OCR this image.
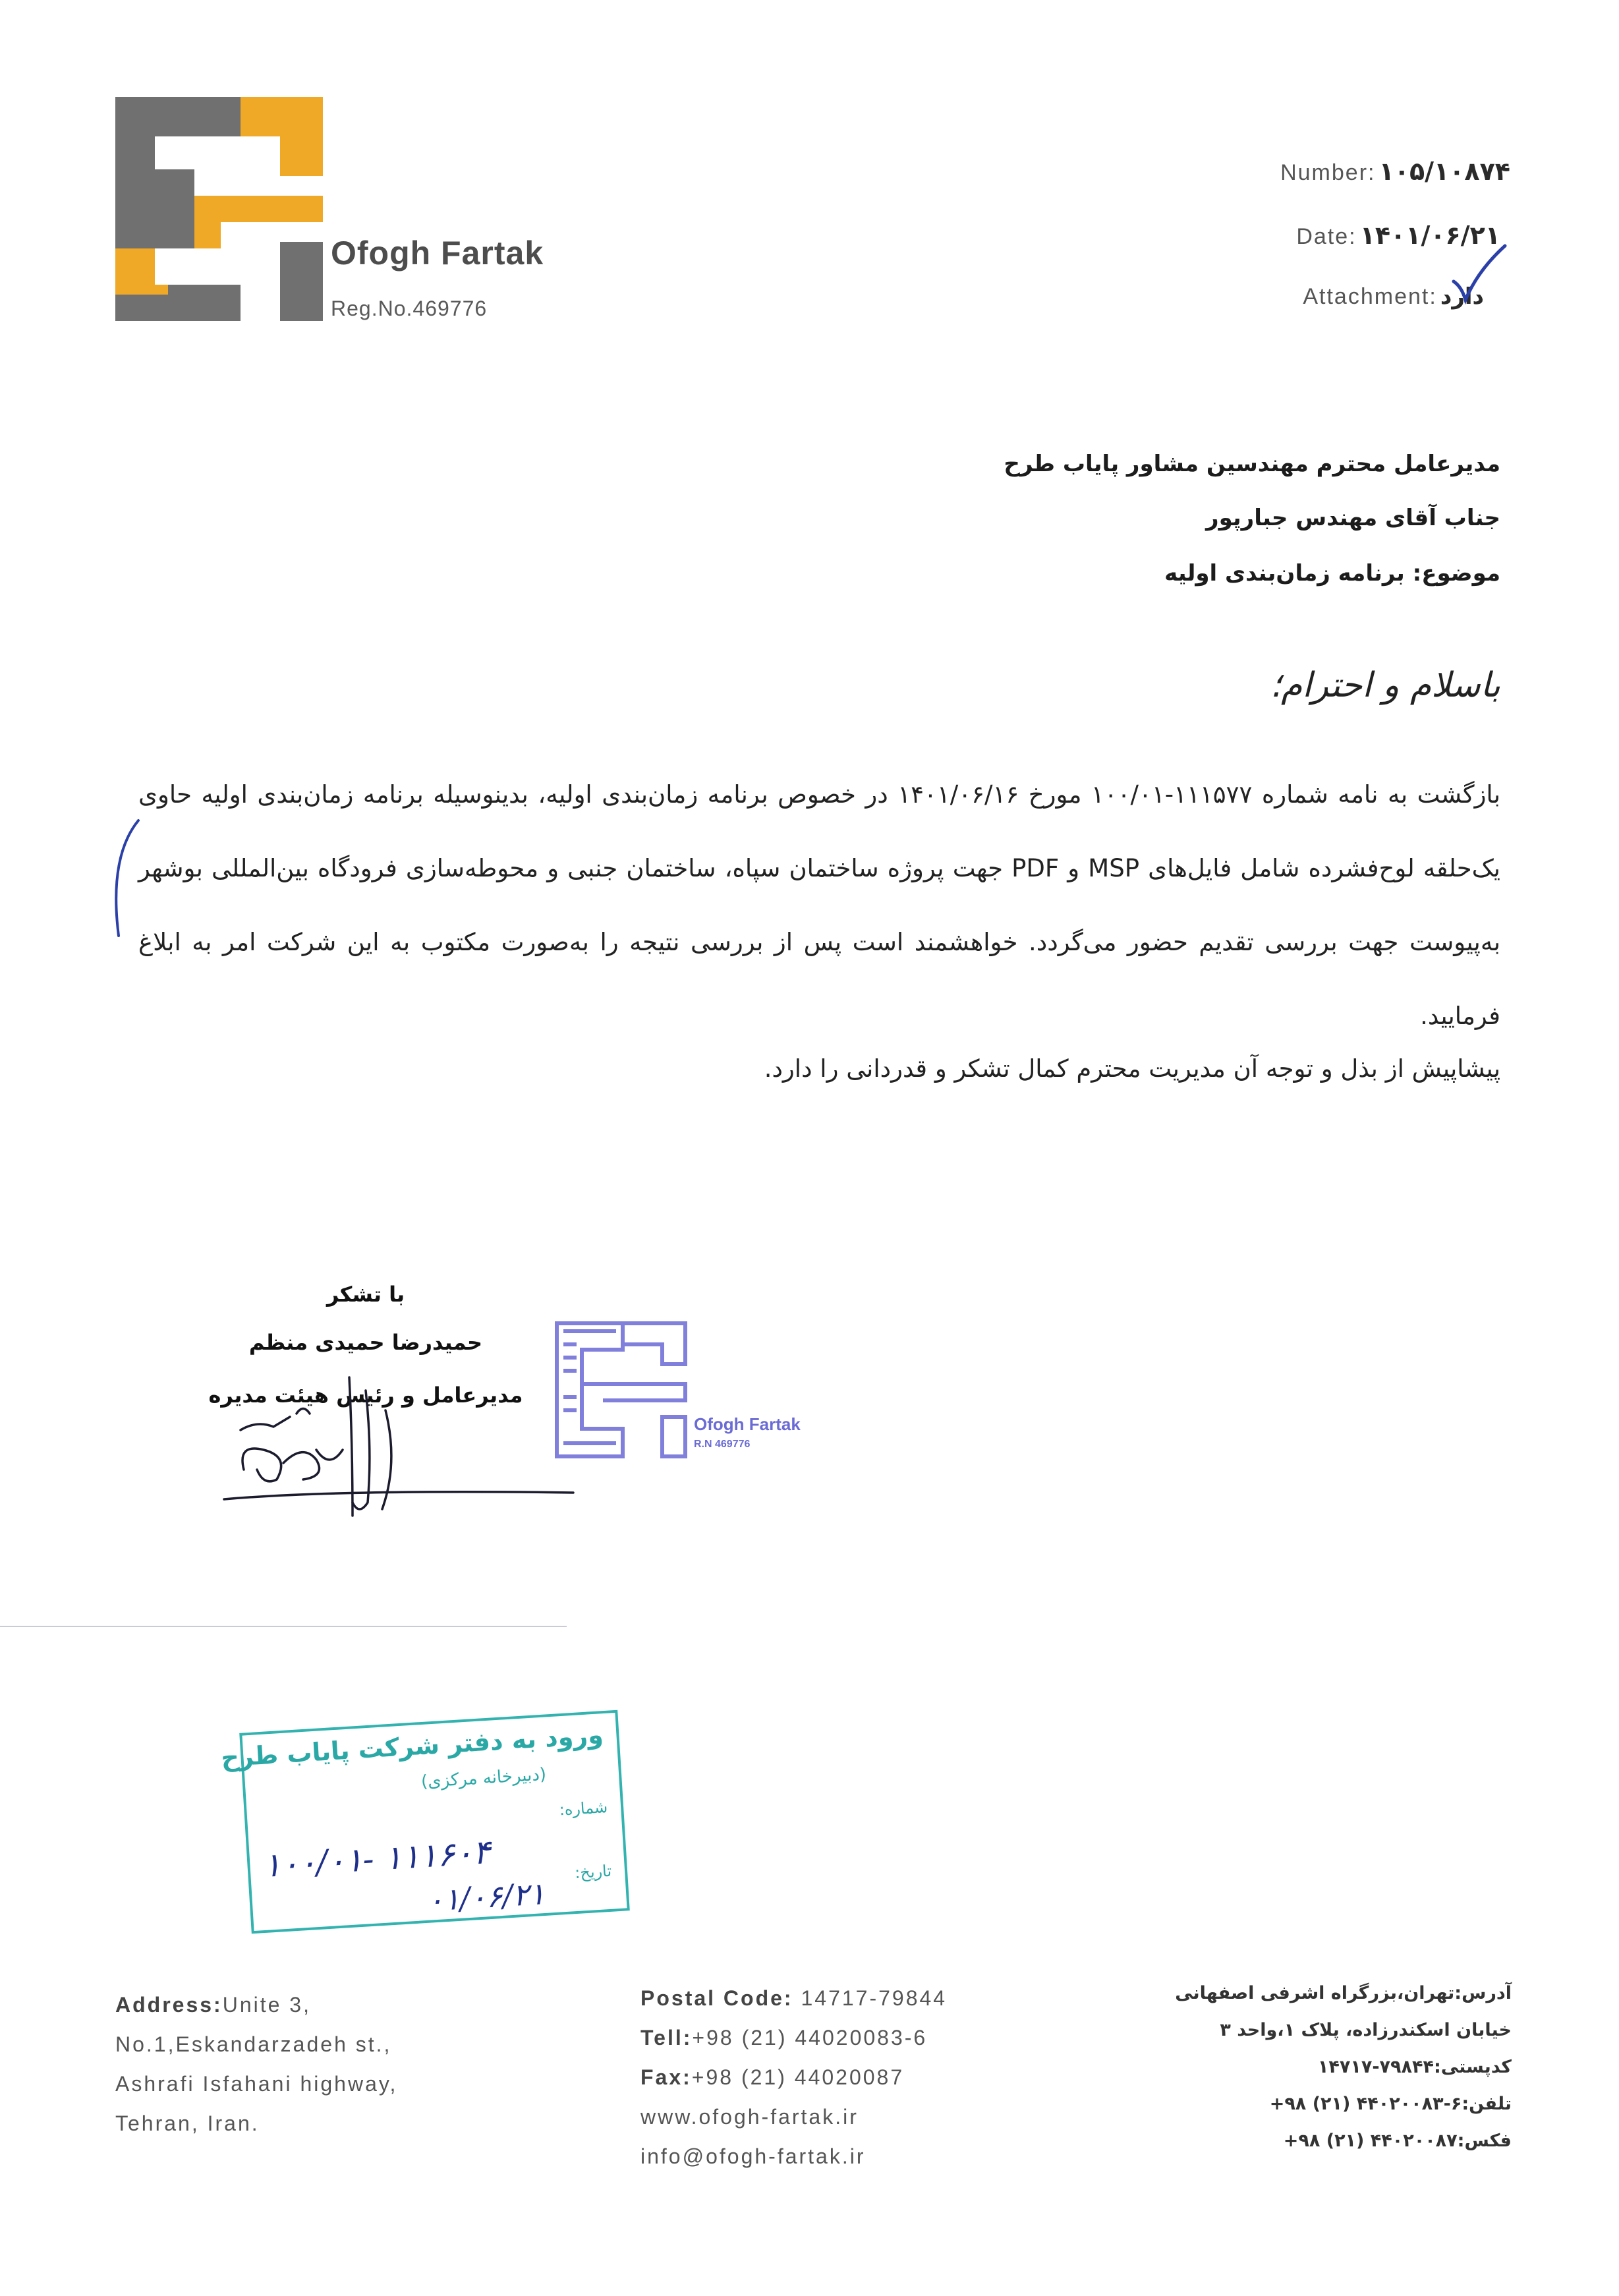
Ofogh Fartak
Reg.No.469776
Number: ۱۰۵/۱۰۸۷۴
Date: ۱۴۰۱/۰۶/۲۱
Attachment: دارد
مدیرعامل محترم مهندسین مشاور پایاب طرح
جناب آقای مهندس جبارپور
موضوع: برنامه زمان‌بندی اولیه
باسلام و احترام؛
بازگشت به نامه شماره ۱۱۱۵۷۷-۱۰۰/۰۱ مورخ ۱۴۰۱/۰۶/۱۶ در خصوص برنامه زمان‌بندی اولیه، بدینوسیله برنامه زمان‌بندی اولیه حاوی یک‌حلقه لوح‌فشرده شامل فایل‌های MSP و PDF جهت پروژه ساختمان سپاه، ساختمان جنبی و محوطه‌سازی فرودگاه بین‌المللی بوشهر به‌پیوست جهت بررسی تقدیم حضور می‌گردد. خواهشمند است پس از بررسی نتیجه را به‌صورت مکتوب به این شرکت امر به ابلاغ فرمایید.
پیشاپیش از بذل و توجه آن مدیریت محترم کمال تشکر و قدردانی را دارد.
با تشکر
حمیدرضا حمیدی منظم
مدیرعامل و رئیس هیئت مدیره
Ofogh Fartak
R.N 469776
ورود به دفتر شرکت پایاب طرح
(دبیرخانه مرکزی)
شماره:
تاریخ:
۱۰۰/۰۱- ۱۱۱۶۰۴
۰۱/۰۶/۲۱
Address:Unite 3,
No.1,Eskandarzadeh st.,
Ashrafi Isfahani highway,
Tehran, Iran.
Postal Code: 14717-79844
Tell:+98 (21) 44020083-6
Fax:+98 (21) 44020087
www.ofogh-fartak.ir
info@ofogh-fartak.ir
آدرس:تهران،بزرگراه اشرفی اصفهانی
خیابان اسکندرزاده، پلاک ۱،واحد ۳
کدپستی:۷۹۸۴۴-۱۴۷۱۷
تلفن:۶-۴۴۰۲۰۰۸۳ (۲۱) ۹۸+
فکس:۴۴۰۲۰۰۸۷ (۲۱) ۹۸+
